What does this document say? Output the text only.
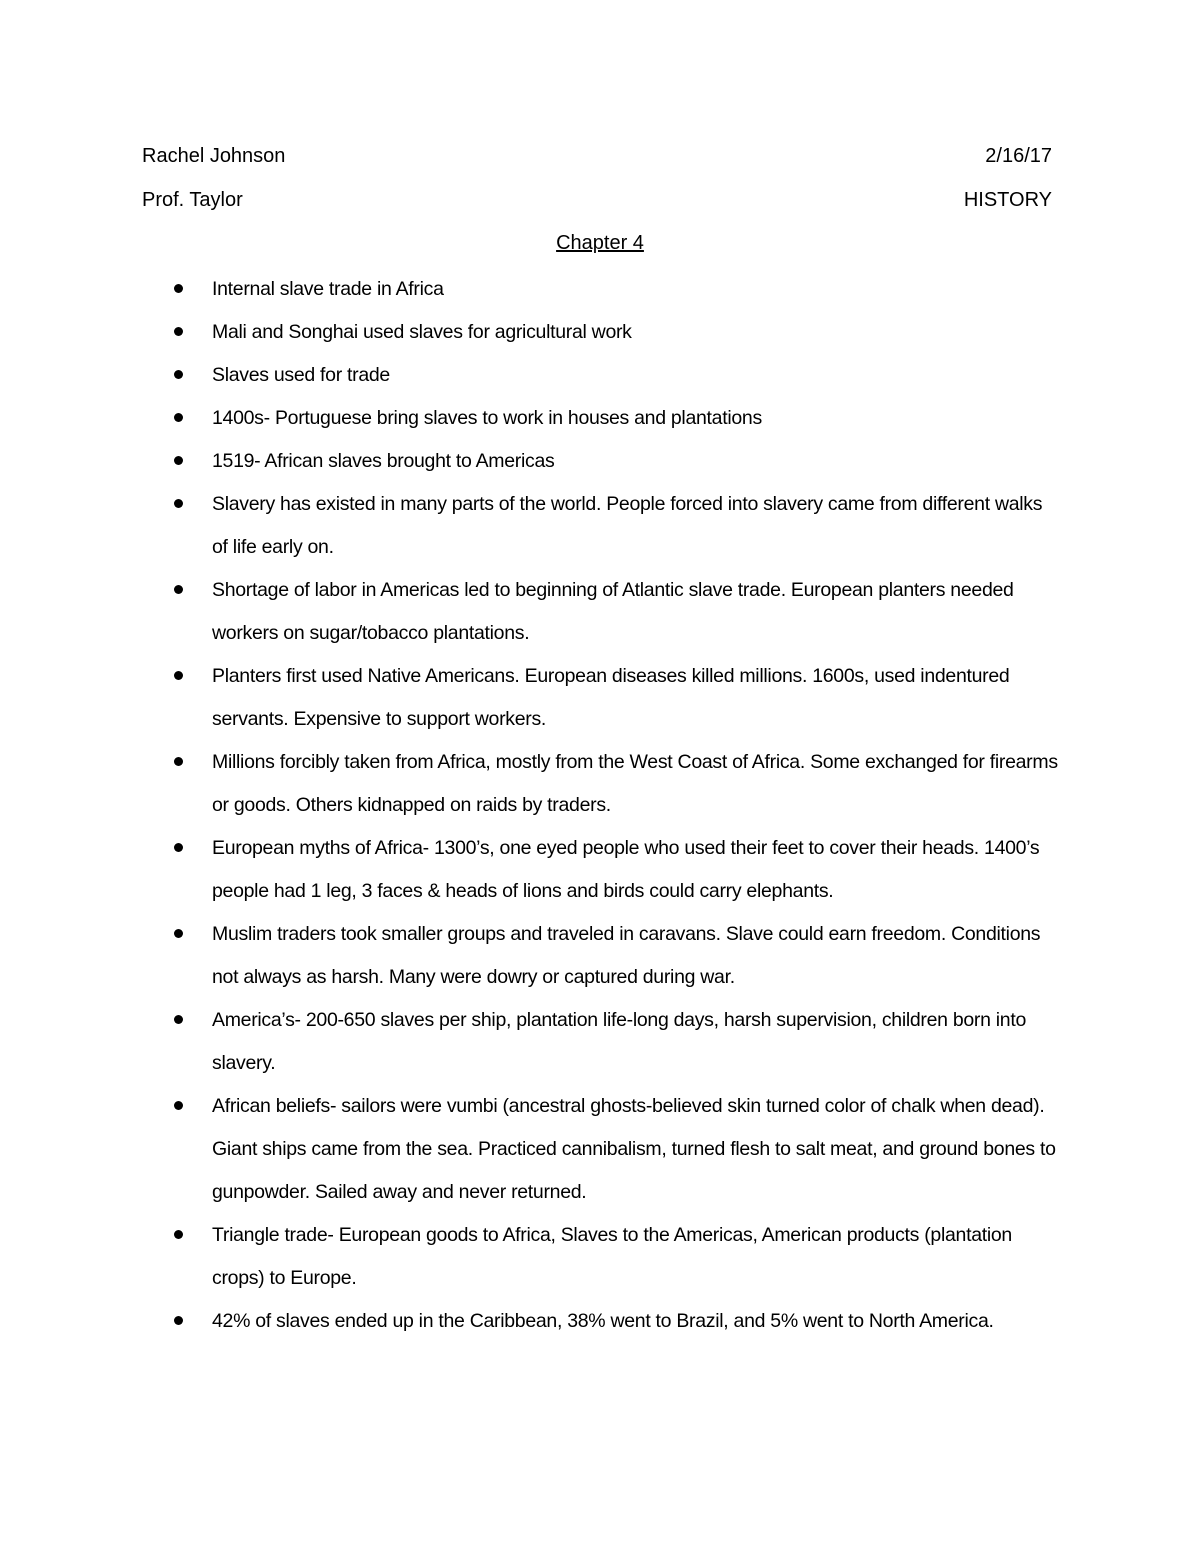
Rachel Johnson	2/16/17
Prof. Taylor	HISTORY
Chapter 4
Internal slave trade in Africa
Mali and Songhai used slaves for agricultural work
Slaves used for trade
1400s- Portuguese bring slaves to work in houses and plantations
1519- African slaves brought to Americas
Slavery has existed in many parts of the world. People forced into slavery came from different walks of life early on.
Shortage of labor in Americas led to beginning of Atlantic slave trade. European planters needed workers on sugar/tobacco plantations.
Planters first used Native Americans. European diseases killed millions. 1600s, used indentured servants. Expensive to support workers.
Millions forcibly taken from Africa, mostly from the West Coast of Africa. Some exchanged for firearms or goods. Others kidnapped on raids by traders.
European myths of Africa- 1300’s, one eyed people who used their feet to cover their heads. 1400’s people had 1 leg, 3 faces & heads of lions and birds could carry elephants.
Muslim traders took smaller groups and traveled in caravans. Slave could earn freedom. Conditions not always as harsh. Many were dowry or captured during war.
America’s- 200-650 slaves per ship, plantation life-long days, harsh supervision, children born into slavery.
African beliefs- sailors were vumbi (ancestral ghosts-believed skin turned color of chalk when dead). Giant ships came from the sea. Practiced cannibalism, turned flesh to salt meat, and ground bones to gunpowder. Sailed away and never returned.
Triangle trade- European goods to Africa, Slaves to the Americas, American products (plantation crops) to Europe.
42% of slaves ended up in the Caribbean, 38% went to Brazil, and 5% went to North America.
